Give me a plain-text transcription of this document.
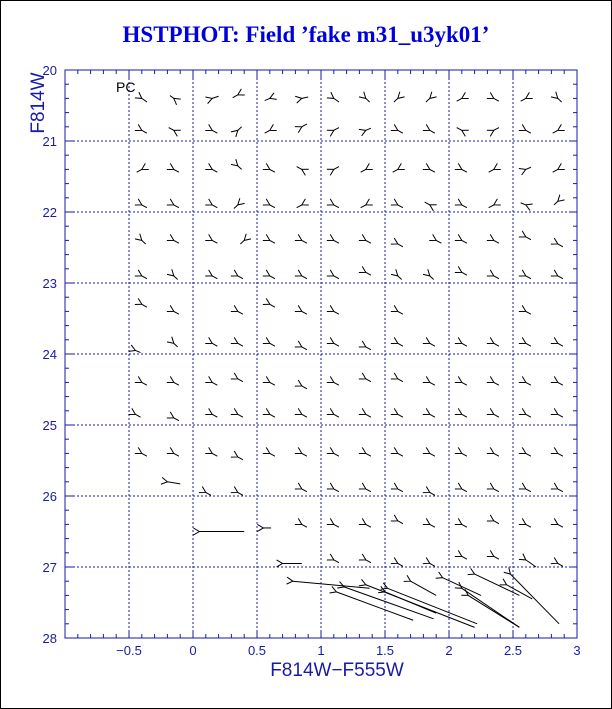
HSTPHOT: Field ’fake m31_u3yk01’
−0.5	0	0.5	1	1.5	2	2.5	3
20
21
22
23
24
25
26
27
28
PC
F814W−F555W
F814W
